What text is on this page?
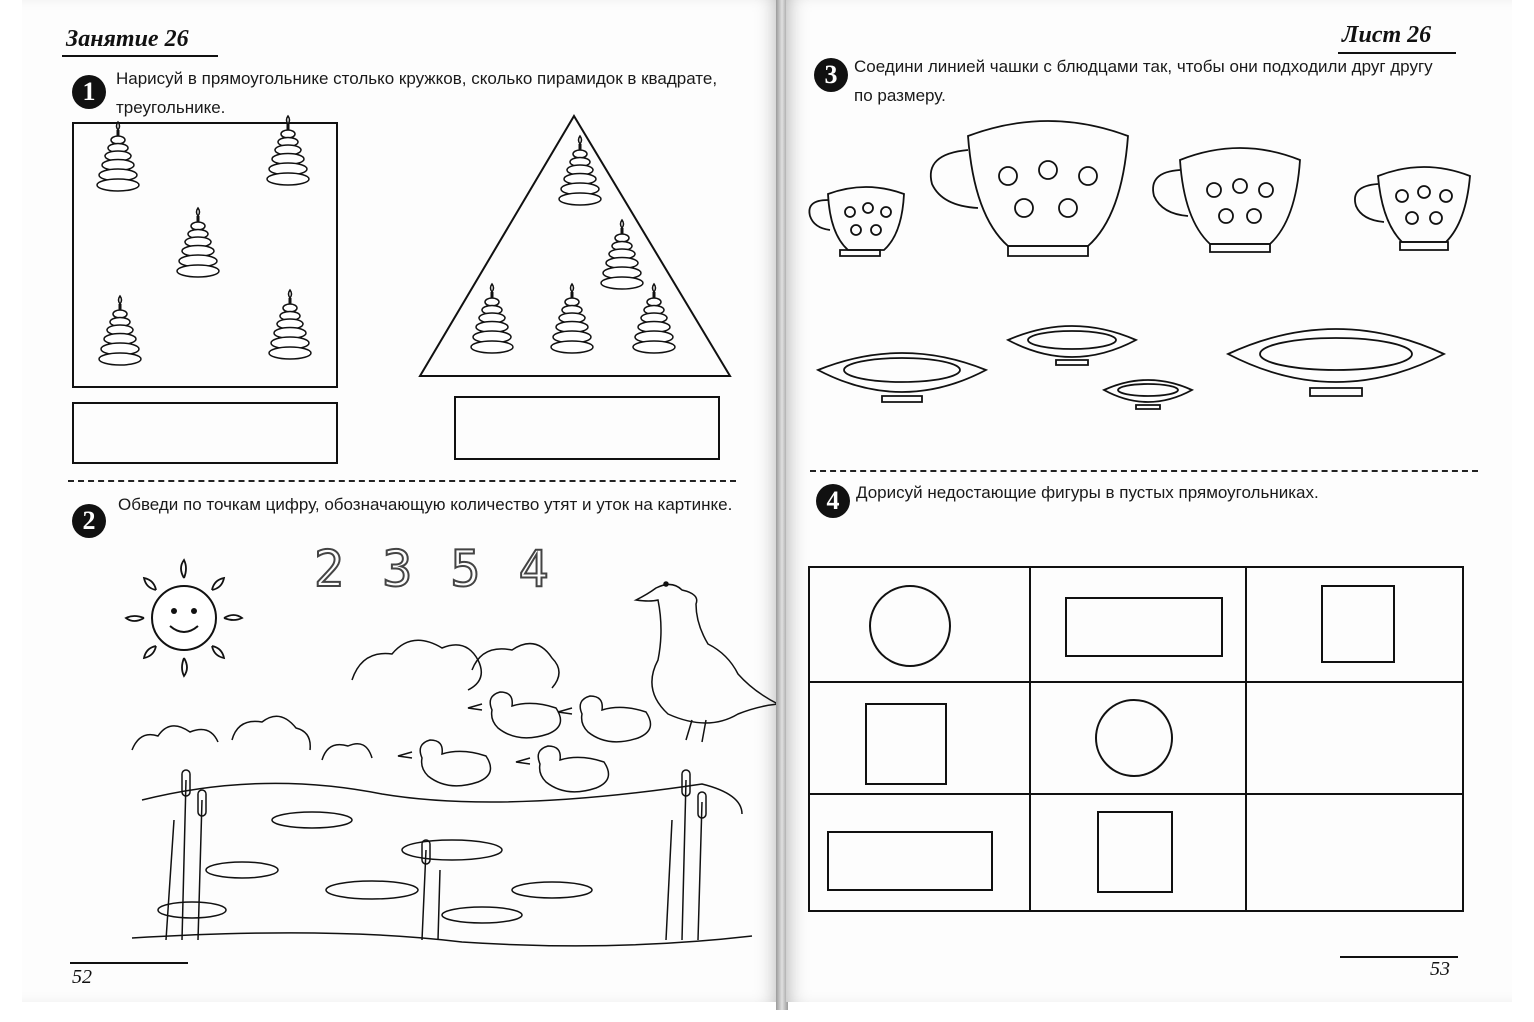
Занятие 26
1	Нарисуй в прямоугольнике столько кружков, сколько пирамидок в квадрате, треугольнике.
2
Обведи по точкам цифру, обозначающую количество утят и уток на картинке.
2 3 5 4
52
Лист 26
3 Соедини линией чашки с блюдцами так, чтобы они подходили друг другу по размеру.
4 Дорисуй недостающие фигуры в пустых прямоугольниках.
53
